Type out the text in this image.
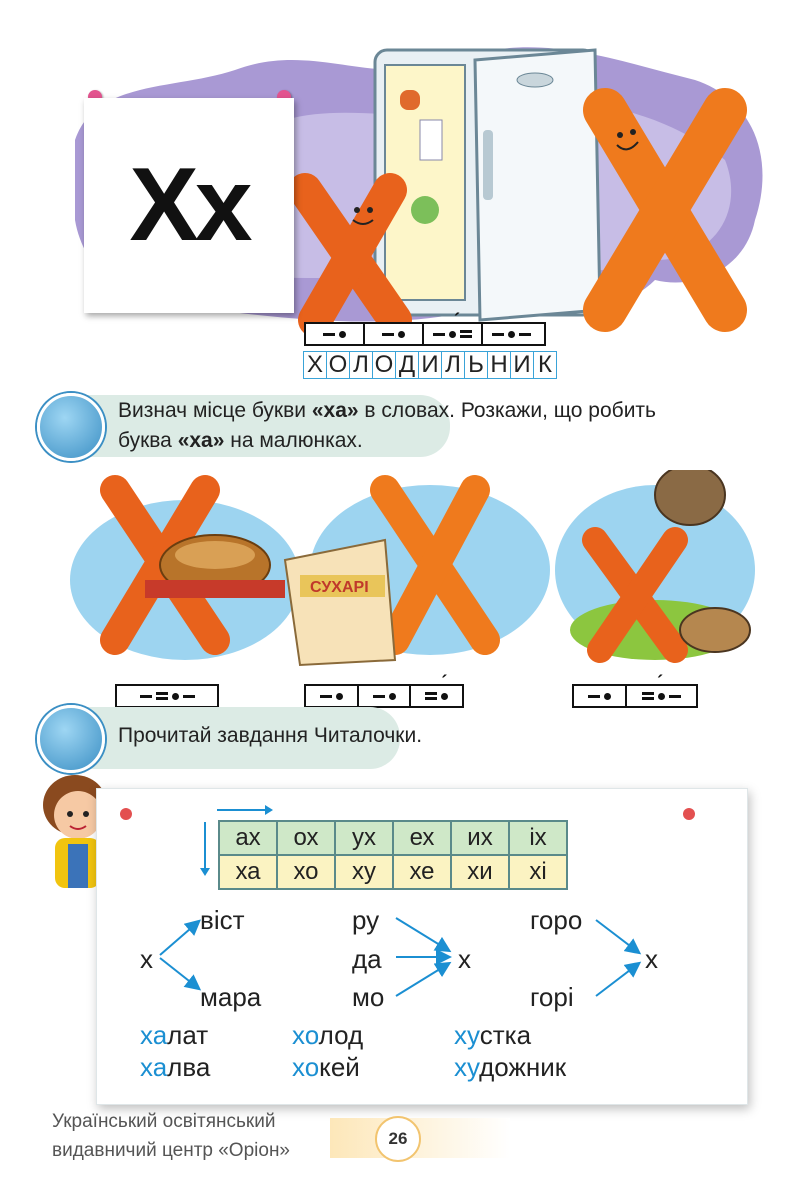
Хх
´
Х О Л О Д И Л Ь Н И К
Визнач місце букви «ха» в словах. Розкажи, що робить
буква «ха» на малюнках.
СУХАРІ
´	´
Прочитай завдання Читалочки.
ах	ох	ух	ех	их	іх
ха	хо	ху	хе	хи	хі
х
віст
мара
ру
да
мо
х
горо
горі
х
халат
халва
холод
хокей
хустка
художник
Український освітянський
видавничий центр «Оріон»
26
